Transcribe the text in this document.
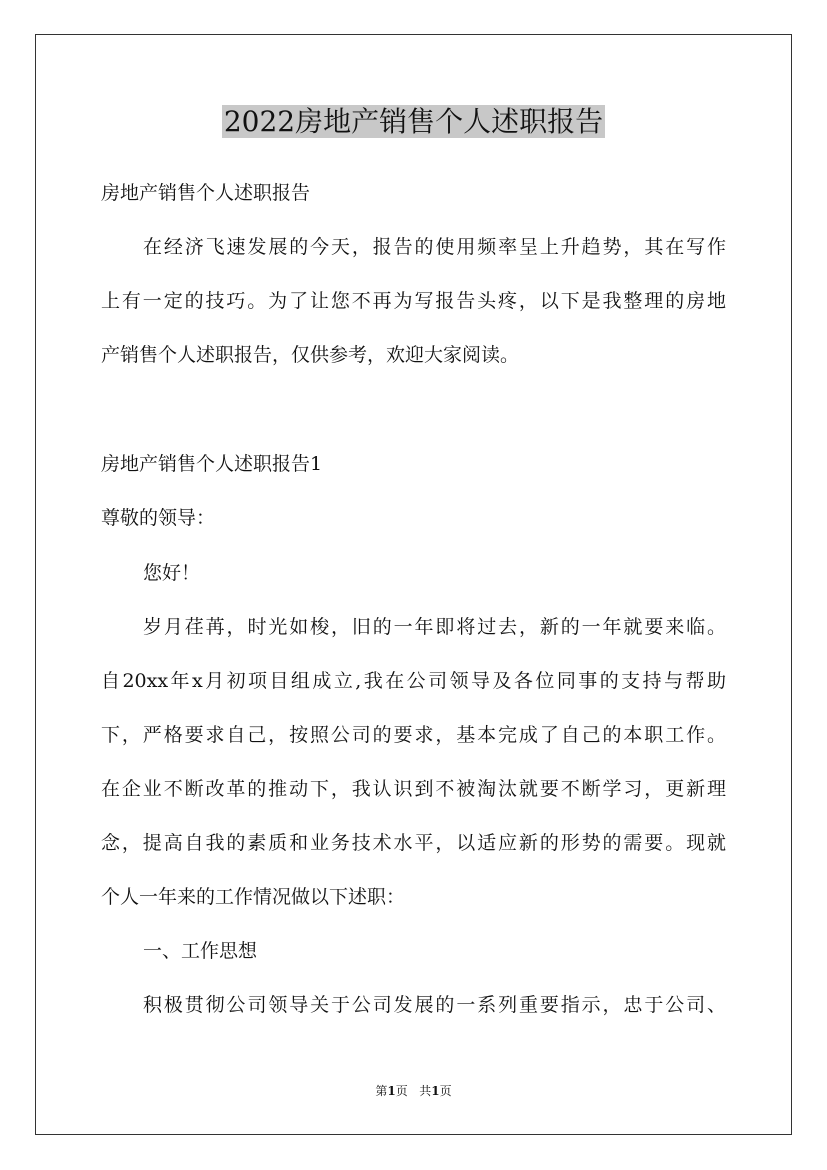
2022房地产销售个人述职报告
房地产销售个人述职报告
在经济飞速发展的今天，报告的使用频率呈上升趋势，其在写作
上有一定的技巧。为了让您不再为写报告头疼，以下是我整理的房地
产销售个人述职报告，仅供参考，欢迎大家阅读。
房地产销售个人述职报告1
尊敬的领导：
您好！
岁月荏苒，时光如梭，旧的一年即将过去，新的一年就要来临。
自20xx年x月初项目组成立,我在公司领导及各位同事的支持与帮助
下，严格要求自己，按照公司的要求，基本完成了自己的本职工作。
在企业不断改革的推动下，我认识到不被淘汰就要不断学习，更新理
念，提高自我的素质和业务技术水平，以适应新的形势的需要。现就
个人一年来的工作情况做以下述职：
一、工作思想
积极贯彻公司领导关于公司发展的一系列重要指示，忠于公司、
第1页 共1页
